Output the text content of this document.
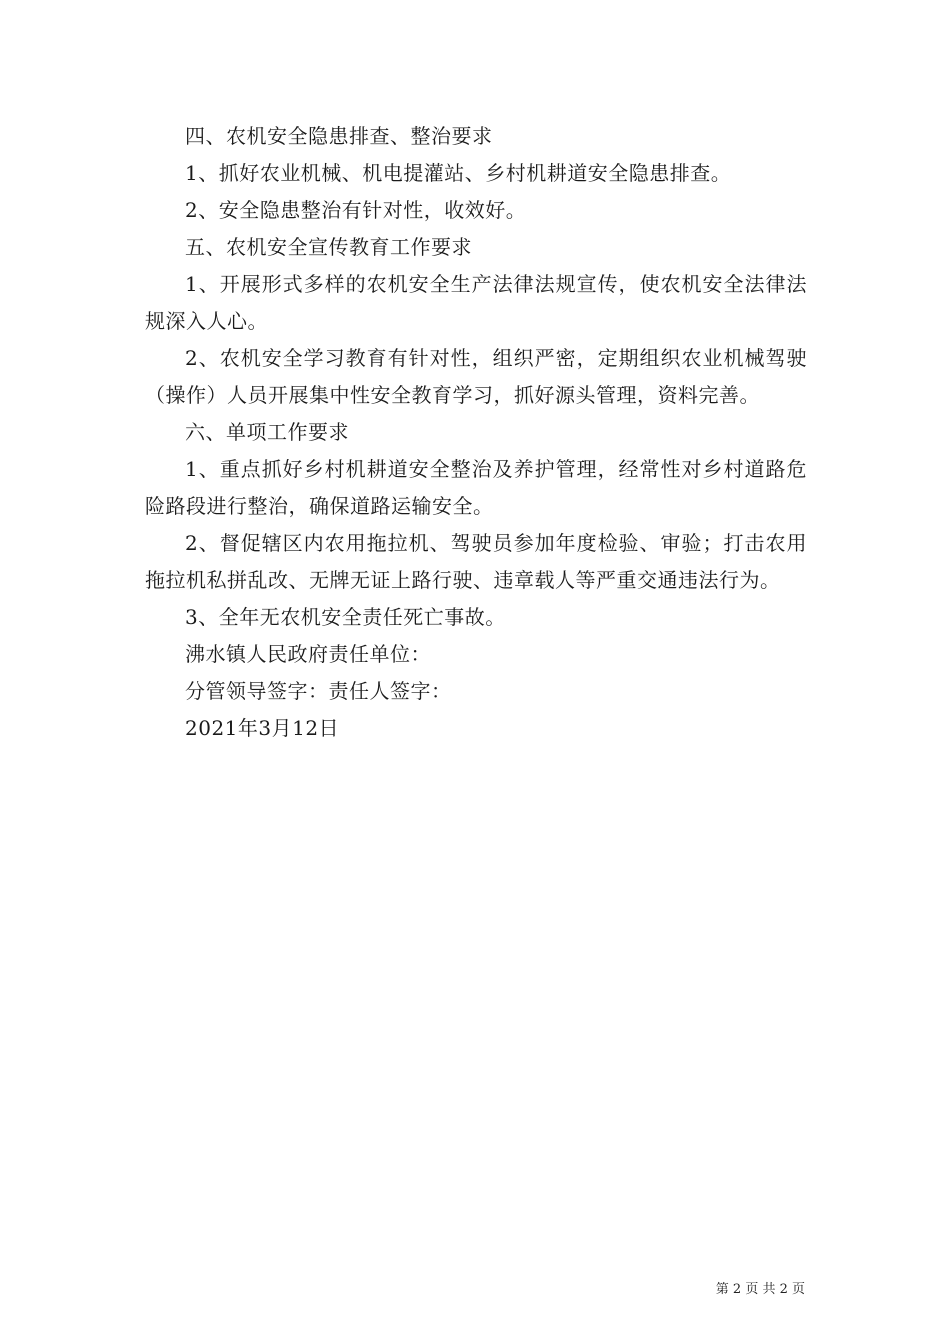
四、农机安全隐患排查、整治要求

1、抓好农业机械、机电提灌站、乡村机耕道安全隐患排查。

2、安全隐患整治有针对性，收效好。

五、农机安全宣传教育工作要求

1、开展形式多样的农机安全生产法律法规宣传，使农机安全法律法规深入人心。

2、农机安全学习教育有针对性，组织严密，定期组织农业机械驾驶（操作）人员开展集中性安全教育学习，抓好源头管理，资料完善。

六、单项工作要求

1、重点抓好乡村机耕道安全整治及养护管理，经常性对乡村道路危险路段进行整治，确保道路运输安全。

2、督促辖区内农用拖拉机、驾驶员参加年度检验、审验；打击农用拖拉机私拼乱改、无牌无证上路行驶、违章载人等严重交通违法行为。

3、全年无农机安全责任死亡事故。

沸水镇人民政府责任单位：

分管领导签字：责任人签字：

2021年3月12日

第 2 页 共 2 页
